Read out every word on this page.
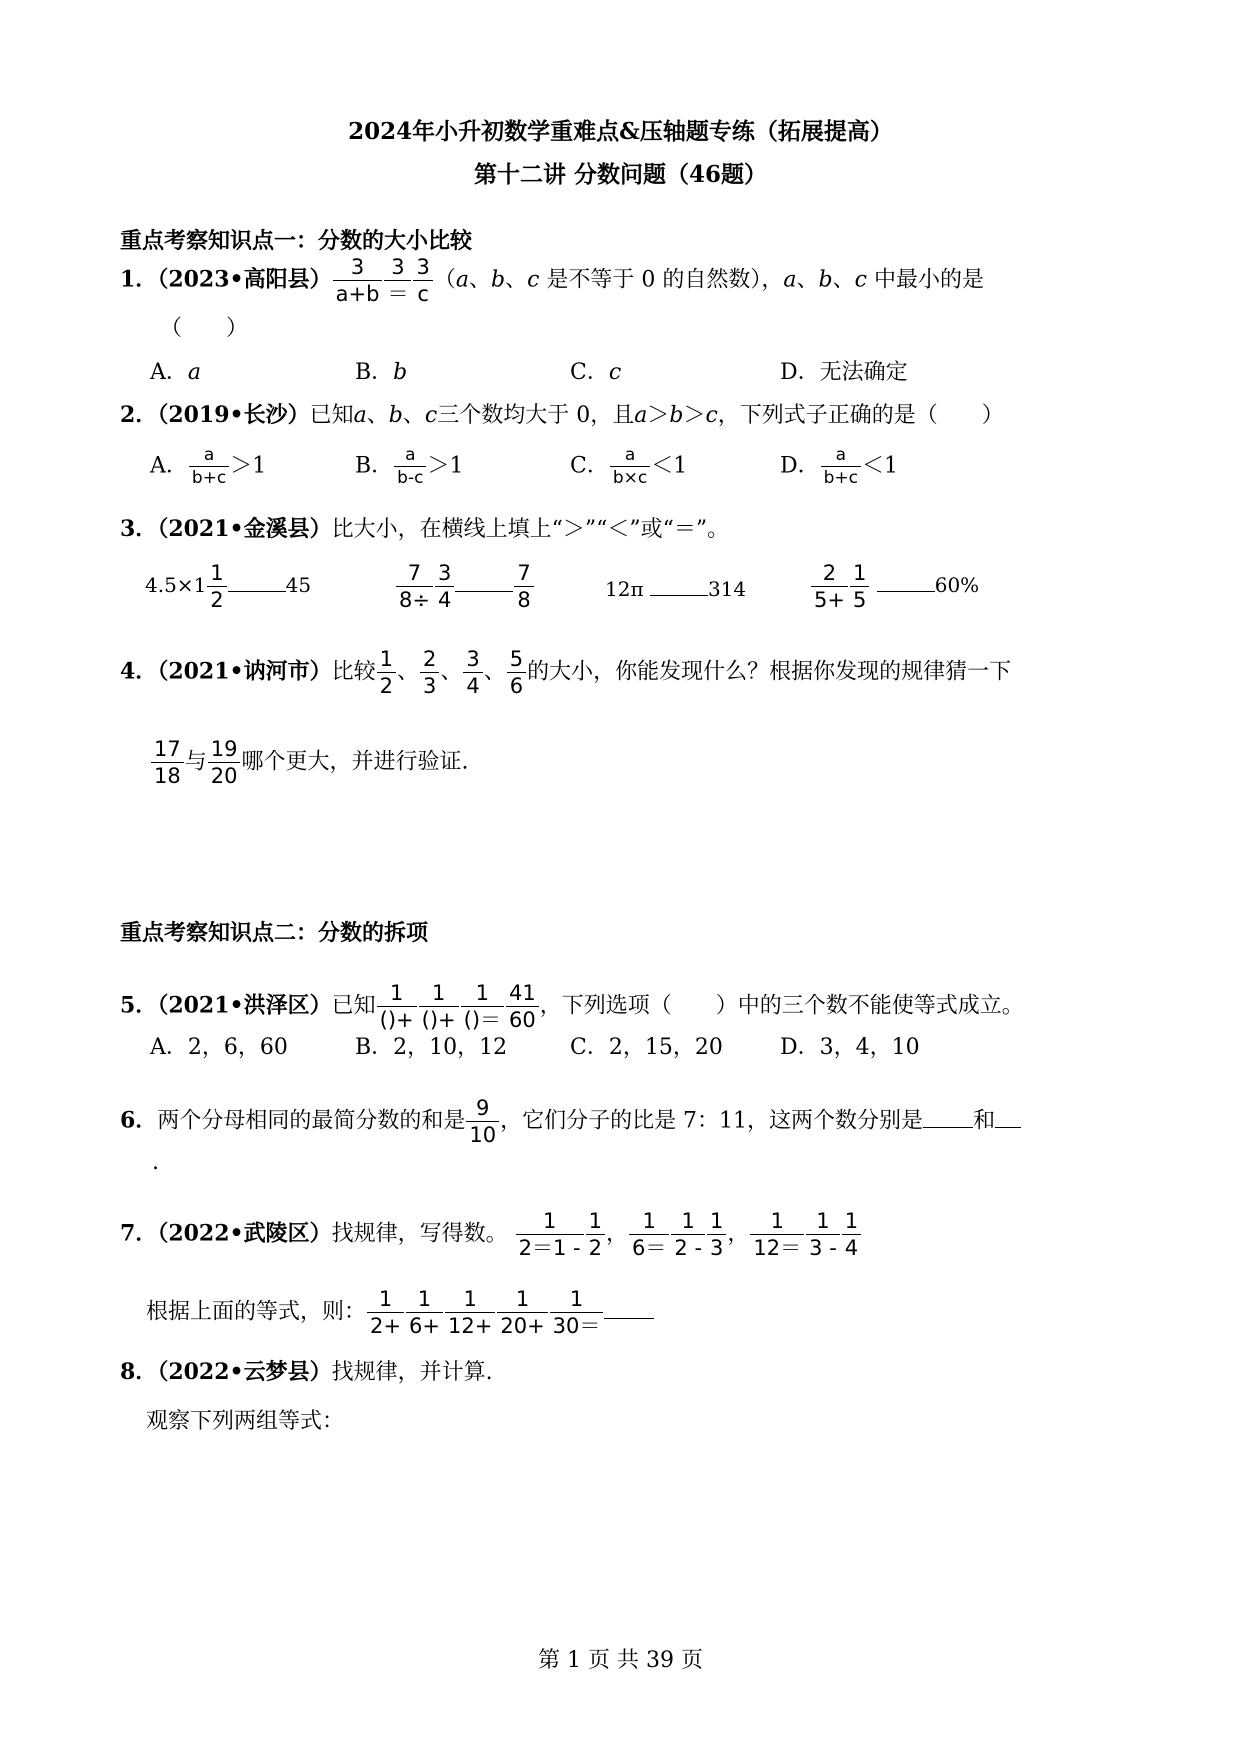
2024年小升初数学重难点&压轴题专练（拓展提高）
第十二讲 分数问题（46题）
重点考察知识点一：分数的大小比较
1．（2023•高阳县） $\frac{3}{a+b} \frac{3}{=} \frac{3}{c} (a$、b、c 是不等于 0 的自然数），a、b、c 中最小的是
（　　）
A．a	B．b	C．c	D．无法确定
2．（2019•长沙）已知a、b、c三个数均大于 0，且a＞b＞c，下列式子正确的是（　　）
A． $\frac{a}{b+c} >1$	B． $\frac{a}{b-c} >1$	C． $\frac{a}{b\times c} <1$	D． $\frac{a}{b+c} <1$
3．（2021•金溪县）比大小，在横线上填上“＞”“＜”或“＝”。
$4.5\times 1 \frac{1}{2}$	45	$\frac{7}{8\div} \frac{3}{4}$	$\frac{7}{8}$	12π	314	$\frac{2}{5+} \frac{1}{5}$	60%
4．（2021•讷河市）比较 $\frac{1}{2}$ 、 $\frac{2}{3}$ 、 $\frac{3}{4}$ 、 $\frac{5}{6}$ 的大小，你能发现什么？根据你发现的规律猜一下
$\frac{17}{18}$ 与 $\frac{19}{20}$ 哪个更大，并进行验证.
重点考察知识点二：分数的拆项
5．（2021•洪泽区）已知 $\frac{1}{()+} \frac{1}{()+} \frac{1}{()=} \frac{41}{60}$ ，下列选项（　　）中的三个数不能使等式成立。
A．2，6，60	B．2，10，12	C．2，15，20	D．3，4，10
6．两个分母相同的最简分数的和是 $\frac{9}{10}$ ，它们分子的比是 7：11，这两个数分别是 和
.
7．（2022•武陵区）找规律，写得数。 $\frac{1}{2=1 -} \frac{1}{2}$ ， $\frac{1}{6=} \frac{1}{2 -} \frac{1}{3}$ ， $\frac{1}{12=} \frac{1}{3 -} \frac{1}{4}$
根据上面的等式，则： $\frac{1}{2+} \frac{1}{6+} \frac{1}{12+} \frac{1}{20+} \frac{1}{30=}$
8．（2022•云梦县）找规律，并计算.
观察下列两组等式：
第 1 页 共 39 页
